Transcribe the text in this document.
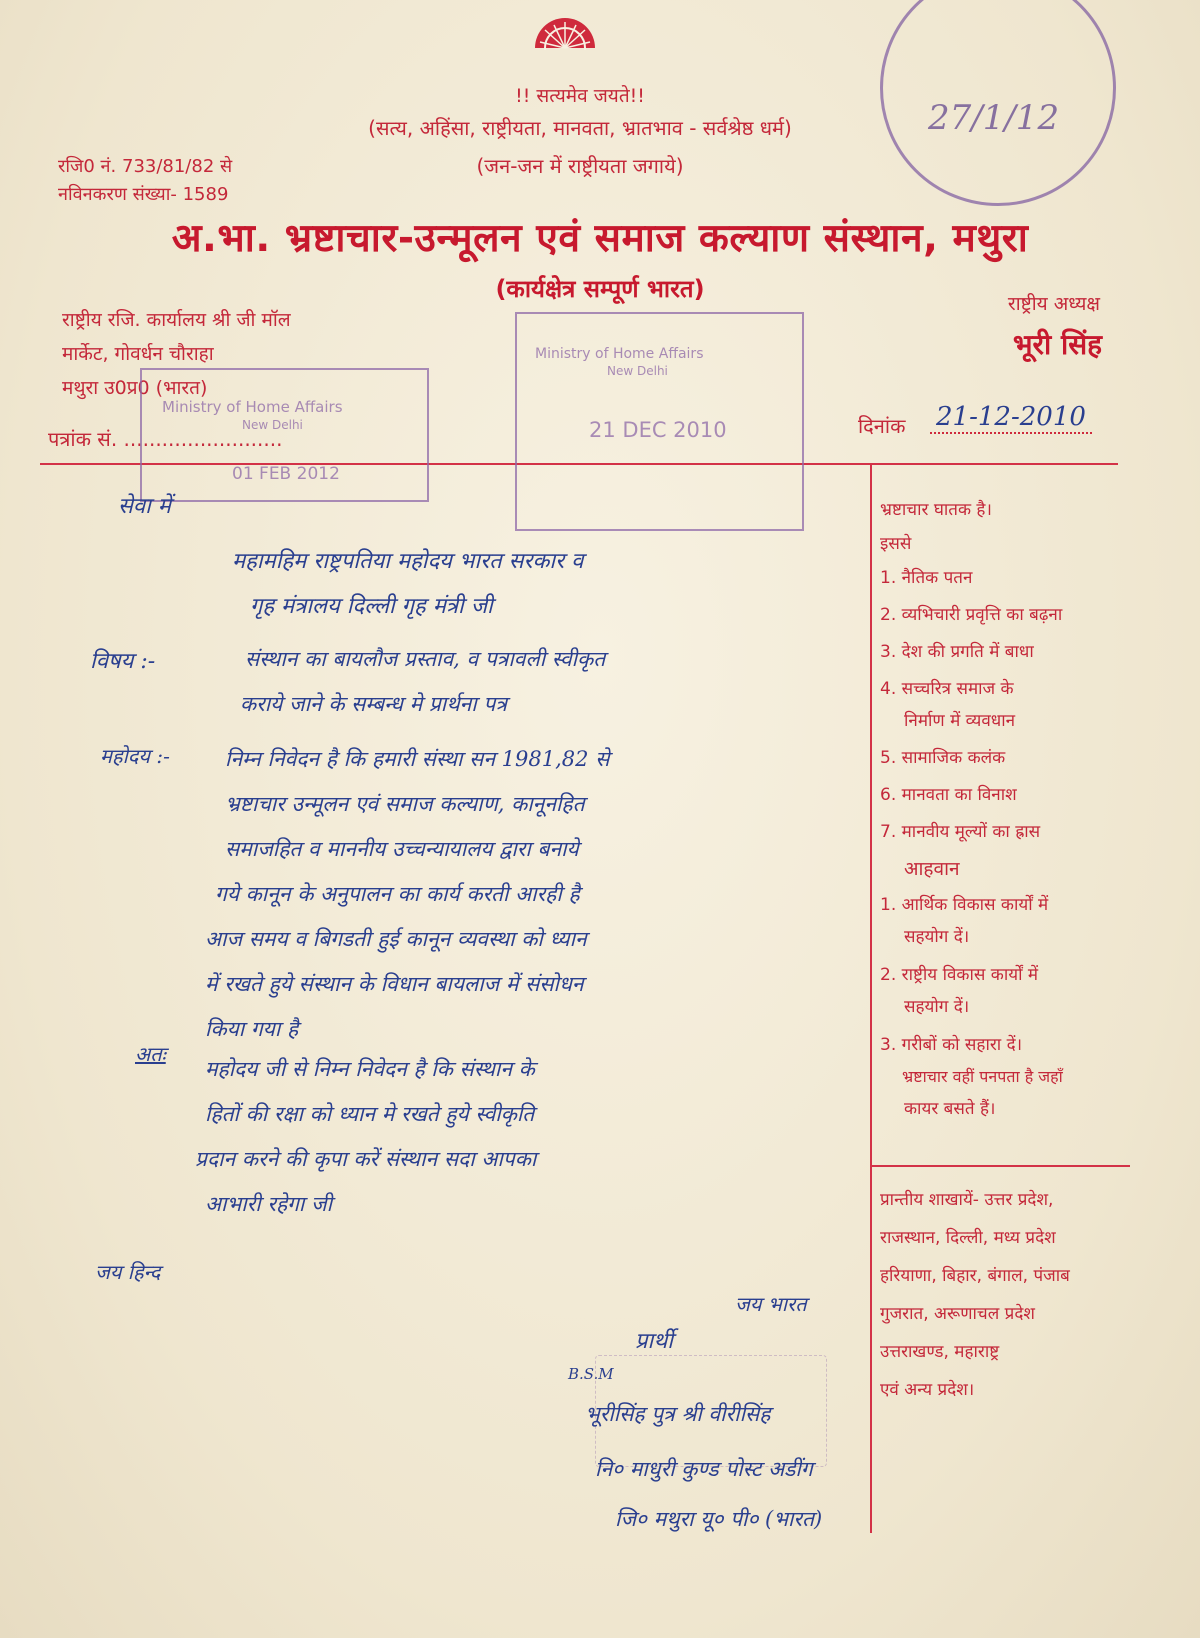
!! सत्यमेव जयते!!
(सत्य, अहिंसा, राष्ट्रीयता, मानवता, भ्रातभाव - सर्वश्रेष्ठ धर्म)
(जन-जन में राष्ट्रीयता जगाये)
रजि0 नं. 733/81/82 से
नविनकरण संख्या- 1589
अ.भा. भ्रष्टाचार-उन्मूलन एवं समाज कल्याण संस्थान, मथुरा
(कार्यक्षेत्र सम्पूर्ण भारत)
राष्ट्रीय रजि. कार्यालय श्री जी मॉल
मार्केट, गोवर्धन चौराहा
मथुरा उ0प्र0 (भारत)
राष्ट्रीय अध्यक्ष
भूरी सिंह
पत्रांक सं. .........................
दिनांक 21-12-2010
Ministry of Home Affairs
New Delhi
01 FEB 2012
Ministry of Home Affairs
New Delhi
21 DEC 2010
27/1/12
भ्रष्टाचार घातक है।
इससे
1. नैतिक पतन
2. व्यभिचारी प्रवृत्ति का बढ़ना
3. देश की प्रगति में बाधा
4. सच्चरित्र समाज के
निर्माण में व्यवधान
5. सामाजिक कलंक
6. मानवता का विनाश
7. मानवीय मूल्यों का ह्रास
आहवान
1. आर्थिक विकास कार्यों में
सहयोग दें।
2. राष्ट्रीय विकास कार्यों में
सहयोग दें।
3. गरीबों को सहारा दें।
भ्रष्टाचार वहीं पनपता है जहाँ
कायर बसते हैं।
प्रान्तीय शाखायें- उत्तर प्रदेश,
राजस्थान, दिल्ली, मध्य प्रदेश
हरियाणा, बिहार, बंगाल, पंजाब
गुजरात, अरूणाचल प्रदेश
उत्तराखण्ड, महाराष्ट्र
एवं अन्य प्रदेश।
सेवा में
महामहिम राष्ट्रपतिया महोदय भारत सरकार व
गृह मंत्रालय दिल्ली गृह मंत्री जी
विषय :-	संस्थान का बायलौज प्रस्ताव, व पत्रावली स्वीकृत
कराये जाने के सम्बन्ध मे प्रार्थना पत्र
महोदय :-	निम्न निवेदन है कि हमारी संस्था सन 1981,82 से
भ्रष्टाचार उन्मूलन एवं समाज कल्याण, कानूनहित
समाजहित व माननीय उच्चन्यायालय द्वारा बनाये
गये कानून के अनुपालन का कार्य करती आरही है
आज समय व बिगडती हुई कानून व्यवस्था को ध्यान
में रखते हुये संस्थान के विधान बायलाज में संसोधन
किया गया है
अतः
महोदय जी से निम्न निवेदन है कि संस्थान के
हितों की रक्षा को ध्यान मे रखते हुये स्वीकृति
प्रदान करने की कृपा करें संस्थान सदा आपका
आभारी रहेगा जी
जय हिन्द
जय भारत
प्रार्थी
B.S.M
भूरीसिंह पुत्र श्री वीरीसिंह
नि० माधुरी कुण्ड पोस्ट अडींग
जि० मथुरा यू० पी० (भारत)
